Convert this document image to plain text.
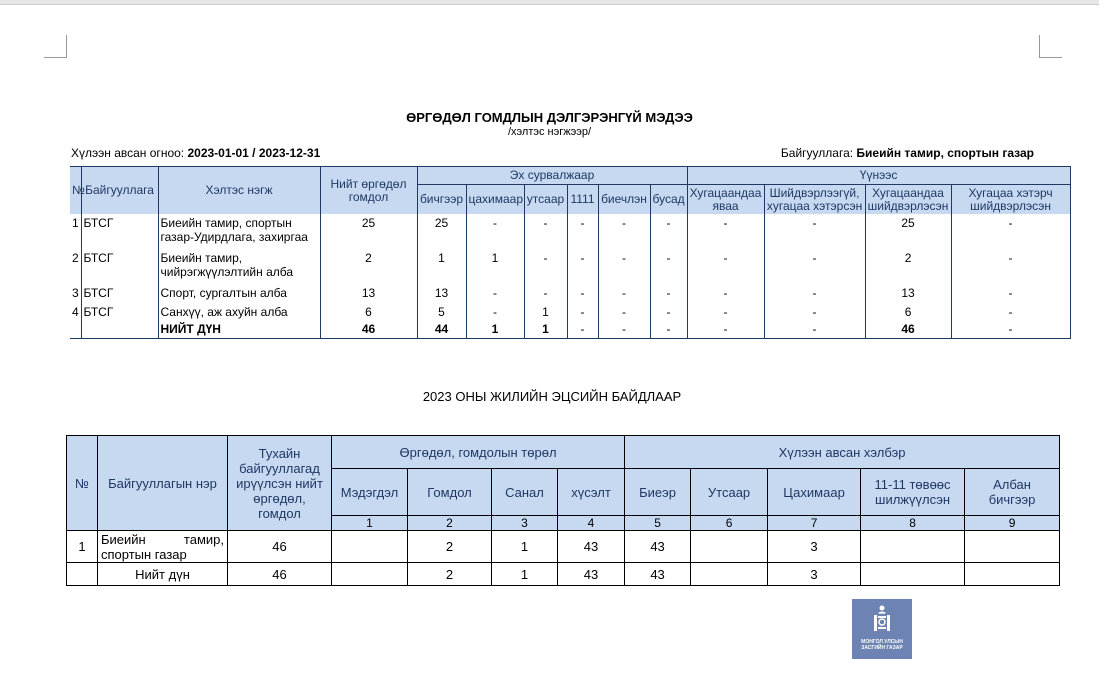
ӨРГӨДӨЛ ГОМДЛЫН ДЭЛГЭРЭНГҮЙ МЭДЭЭ
/хэлтэс нэгжээр/
Хүлээн авсан огноо: 2023-01-01 / 2023-12-31	Байгууллага: Биеийн тамир, спортын газар
№	Байгууллага	Хэлтэс нэгж	Нийт өргөдөл гомдол	Эх сурвалжаар						Үүнээс			
				бичгээр	цахимаар	утсаар	1111	биечлэн	бусад	Хугацаандаа яваа	Шийдвэрлээгүй, хугацаа хэтэрсэн	Хугацаандаа шийдвэрлэсэн	Хугацаа хэтэрч шийдвэрлэсэн
1	БТСГ	Биеийн тамир, спортын газар-Удирдлага, захиргаа	25	25	-	-	-	-	-	-	-	25	-
2	БТСГ	Биеийн тамир, чийрэгжүүлэлтийн алба	2	1	1	-	-	-	-	-	-	2	-
3	БТСГ	Спорт, сургалтын алба	13	13	-	-	-	-	-	-	-	13	-
4	БТСГ	Санхүү, аж ахуйн алба	6	5	-	1	-	-	-	-	-	6	-
		НИЙТ ДҮН	46	44	1	1	-	-	-	-	-	46	-
2023 ОНЫ ЖИЛИЙН ЭЦСИЙН БАЙДЛААР
№	Байгууллагын нэр	Тухайн байгууллагад ирүүлсэн нийт өргөдөл, гомдол	Өргөдөл, гомдолын төрөл				Хүлээн авсан хэлбэр				
			Мэдэгдэл	Гомдол	Санал	хүсэлт	Биеэр	Утсаар	Цахимаар	11-11 төвөөс шилжүүлсэн	Албан бичгээр
			1	2	3	4	5	6	7	8	9
1	Биеийн тамир, спортын газар	46		2	1	43	43		3		
	Нийт дүн	46		2	1	43	43		3		
МОНГОЛ УЛСЫН
ЗАСГИЙН ГАЗАР
